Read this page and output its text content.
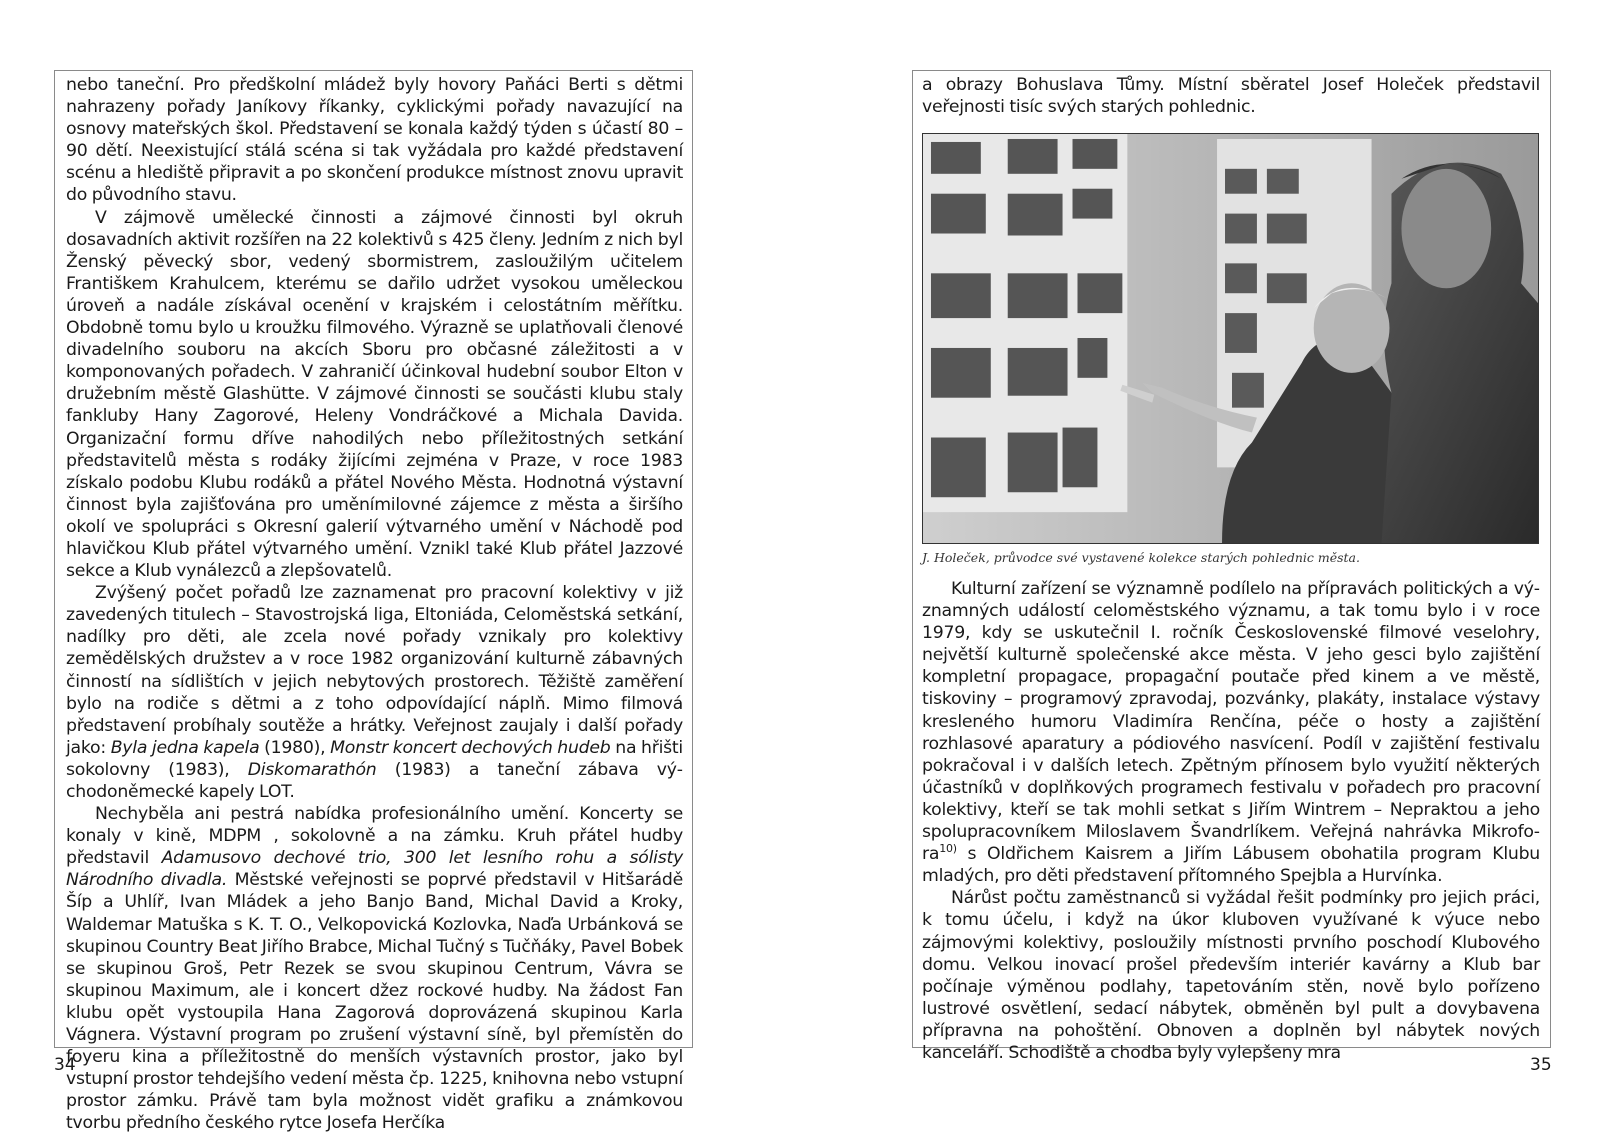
nebo taneční. Pro předškolní mládež byly hovory Paňáci Berti s dětmi nahrazeny pořady Janíkovy říkanky, cyklickými pořady navazující na osnovy mateřských škol. Představení se konala každý týden s účastí 80 – 90 dětí. Neexistující stálá scéna si tak vyžádala pro každé představení scénu a hlediště připravit a po skončení produkce místnost znovu upravit do původního stavu.

V zájmově umělecké činnosti a zájmové činnosti byl okruh dosavadních aktivit rozšířen na 22 kolektivů s 425 členy. Jedním z nich byl Ženský pěvecký sbor, vedený sbormistrem, zasloužilým učitelem Františkem Krahulcem, kterému se dařilo udržet vysokou uměleckou úroveň a nadále získával ocenění v krajském i celostátním měřítku. Obdobně tomu bylo u kroužku filmového. Výrazně se uplatňovali členové divadelního souboru na akcích Sboru pro občasné záležitosti a v komponovaných pořadech. V zahraničí účinkoval hudební soubor Elton v družebním městě Glashütte. V zájmové činnosti se součásti klubu staly fankluby Hany Zagorové, Heleny Vondráčkové a Michala Davida. Organizační formu dříve nahodilých nebo příležitostných setkání představitelů města s rodáky žijícími zejména v Praze, v roce 1983 získalo podobu Klubu rodáků a přátel Nového Města. Hodnotná výstavní činnost byla zajišťována pro uměnímilovné zájemce z města a širšího okolí ve spolupráci s Okresní galerií výtvarného umění v Náchodě pod hlavičkou Klub přátel výtvarného umění. Vznikl také Klub přátel Jazzové sekce a Klub vynálezců a zlepšovatelů.

Zvýšený počet pořadů lze zaznamenat pro pracovní kolektivy v již zavedených titulech – Stavostrojská liga, Eltoniáda, Celoměstská setkání, nadílky pro děti, ale zcela nové pořady vznikaly pro kolektivy zemědělských družstev a v roce 1982 organizování kulturně zábavných činností na sídlištích v jejich nebytových prostorech. Těžiště zaměření bylo na rodiče s dětmi a z toho odpovídající náplň. Mimo filmová představení probíhaly soutěže a hrátky. Veřejnost zaujaly i další pořady jako: Byla jedna kapela (1980), Monstr koncert dechových hudeb na hřišti sokolovny (1983), Diskomarathón (1983) a taneční zábava východoněmecké kapely LOT.

Nechyběla ani pestrá nabídka profesionálního umění. Koncerty se konaly v kině, MDPM , sokolovně a na zámku. Kruh přátel hudby představil Adamusovo dechové trio, 300 let lesního rohu a sólisty Národního divadla. Městské veřejnosti se poprvé představil v Hitšarádě Šíp a Uhlíř, Ivan Mládek a jeho Banjo Band, Michal David a Kroky, Waldemar Matuška s K. T. O., Velkopovická Kozlovka, Naďa Urbánková se skupinou Country Beat Jiřího Brabce, Michal Tučný s Tučňáky, Pavel Bobek se skupinou Groš, Petr Rezek se svou skupinou Centrum, Vávra se skupinou Maximum, ale i koncert džez rockové hudby. Na žádost Fan klubu opět vystoupila Hana Zagorová doprovázená skupinou Karla Vágnera. Výstavní program po zrušení výstavní síně, byl přemístěn do foyeru kina a příležitostně do menších výstavních prostor, jako byl vstupní prostor tehdejšího vedení města čp. 1225, knihovna nebo vstupní prostor zámku. Právě tam byla možnost vidět grafiku a známkovou tvorbu předního českého rytce Josefa Herčíka

a obrazy Bohuslava Tůmy. Místní sběratel Josef Holeček představil veřejnosti tisíc svých starých pohlednic.

J. Holeček, průvodce své vystavené kolekce starých pohlednic města.

Kulturní zařízení se významně podílelo na přípravách politických a významných událostí celoměstského významu, a tak tomu bylo i v roce 1979, kdy se uskutečnil I. ročník Československé filmové veselohry, největší kulturně společenské akce města. V jeho gesci bylo zajištění kompletní propagace, propagační poutače před kinem a ve městě, tiskoviny – programový zpravodaj, pozvánky, plakáty, instalace výstavy kresleného humoru Vladimíra Renčína, péče o hosty a zajištění rozhlasové aparatury a pódiového nasvícení. Podíl v zajištění festivalu pokračoval i v dalších letech. Zpětným přínosem bylo využití některých účastníků v doplňkových programech festivalu v pořadech pro pracovní kolektivy, kteří se tak mohli setkat s Jiřím Wintrem – Nepraktou a jeho spolupracovníkem Miloslavem Švandrlíkem. Veřejná nahrávka Mikrofora$^{10)}$ s Oldřichem Kaisrem a Jiřím Lábusem obohatila program Klubu mladých, pro děti představení přítomného Spejbla a Hurvínka.

Nárůst počtu zaměstnanců si vyžádal řešit podmínky pro jejich práci, k tomu účelu, i když na úkor kluboven využívané k výuce nebo zájmovými kolektivy, posloužily místnosti prvního poschodí Klubového domu. Velkou inovací prošel především interiér kavárny a Klub bar počínaje výměnou podlahy, tapetováním stěn, nově bylo pořízeno lustrové osvětlení, sedací nábytek, obměněn byl pult a dovybavena přípravna na pohoštění. Obnoven a doplněn byl nábytek nových kanceláří. Schodiště a chodba byly vylepšeny mra

34	35
